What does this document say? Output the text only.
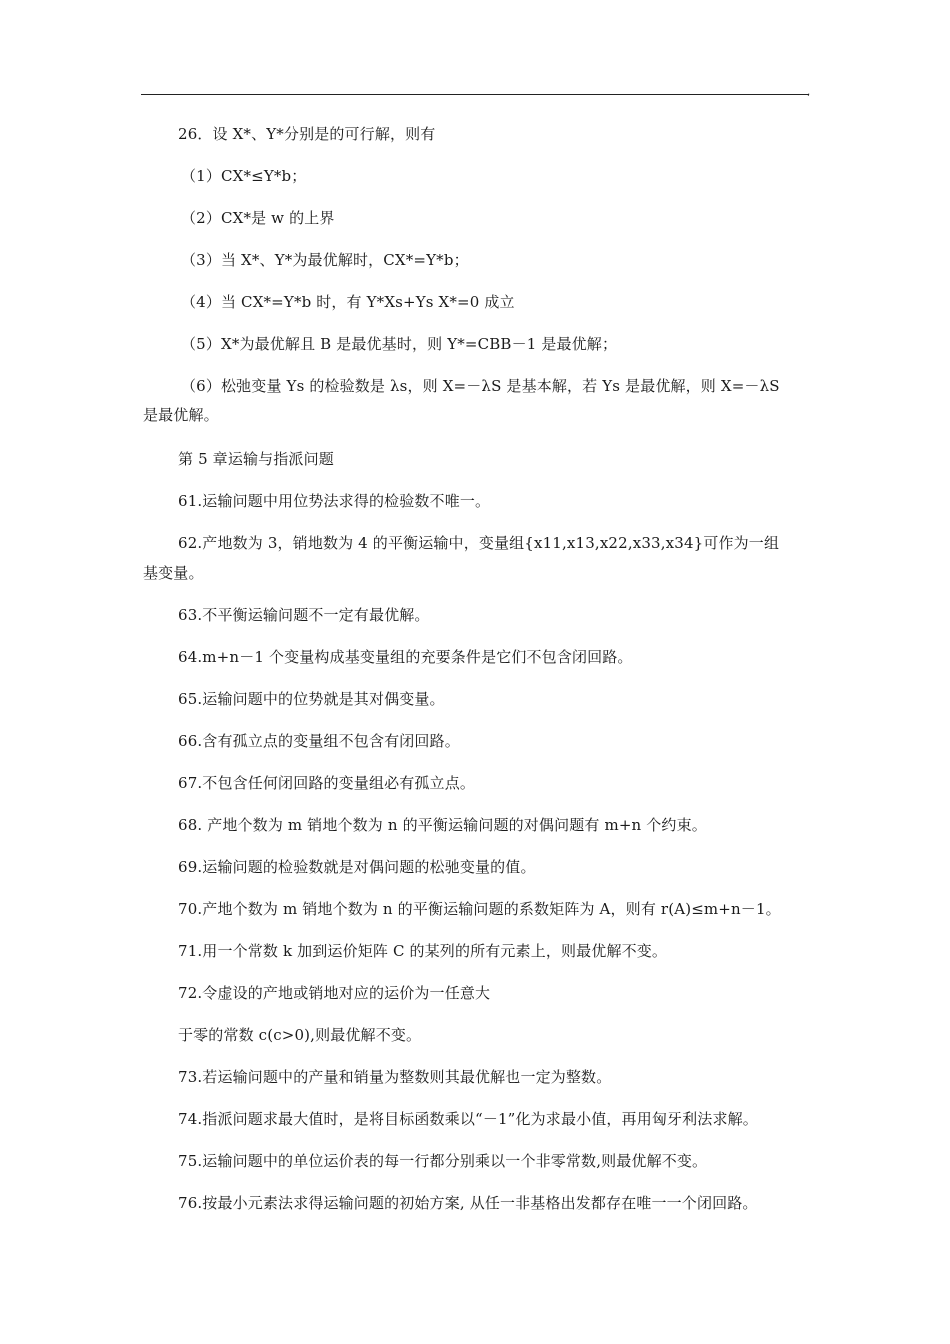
,
26．设 X*、Y*分别是的可行解，则有
（1）CX*≤Y*b；
（2）CX*是 w 的上界
（3）当 X*、Y*为最优解时，CX*=Y*b；
（4）当 CX*=Y*b 时，有 Y*Xs+Ys X*=0 成立
（5）X*为最优解且 B 是最优基时，则 Y*=CBB－1 是最优解；
（6）松弛变量 Ys 的检验数是 λs，则 X=－λS 是基本解，若 Ys 是最优解，则 X=－λS
是最优解。
第 5 章运输与指派问题
61.运输问题中用位势法求得的检验数不唯一。
62.产地数为 3，销地数为 4 的平衡运输中，变量组{x11,x13,x22,x33,x34}可作为一组
基变量。
63.不平衡运输问题不一定有最优解。
64.m+n－1 个变量构成基变量组的充要条件是它们不包含闭回路。
65.运输问题中的位势就是其对偶变量。
66.含有孤立点的变量组不包含有闭回路。
67.不包含任何闭回路的变量组必有孤立点。
68. 产地个数为 m 销地个数为 n 的平衡运输问题的对偶问题有 m+n 个约束。
69.运输问题的检验数就是对偶问题的松驰变量的值。
70.产地个数为 m 销地个数为 n 的平衡运输问题的系数矩阵为 A，则有 r(A)≤m+n－1。
71.用一个常数 k 加到运价矩阵 C 的某列的所有元素上，则最优解不变。
72.令虚设的产地或销地对应的运价为一任意大
于零的常数 c(c>0),则最优解不变。
73.若运输问题中的产量和销量为整数则其最优解也一定为整数。
74.指派问题求最大值时，是将目标函数乘以“－1”化为求最小值，再用匈牙利法求解。
75.运输问题中的单位运价表的每一行都分别乘以一个非零常数,则最优解不变。
76.按最小元素法求得运输问题的初始方案, 从任一非基格出发都存在唯一一个闭回路。
